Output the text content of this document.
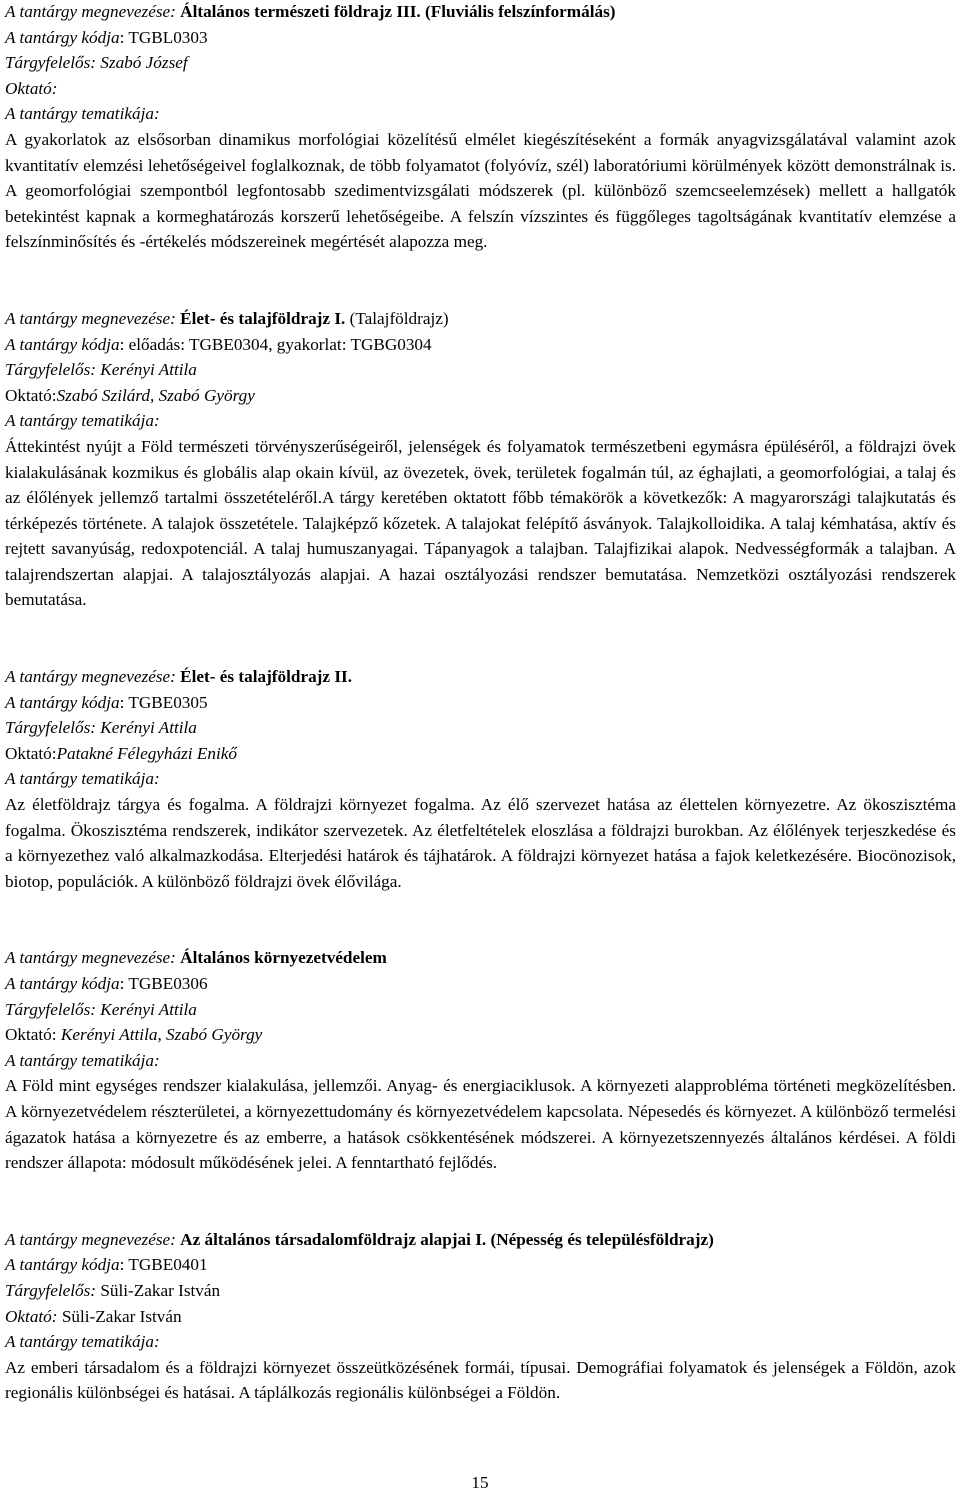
A tantárgy megnevezése: Általános természeti földrajz III. (Fluviális felszínformálás)
A tantárgy kódja: TGBL0303
Tárgyfelelős: Szabó József
Oktató:
A tantárgy tematikája:

A gyakorlatok az elsősorban dinamikus morfológiai közelítésű elmélet kiegészítéseként a formák anyagvizsgálatával valamint azok kvantitatív elemzési lehetőségeivel foglalkoznak, de több folyamatot (folyóvíz, szél) laboratóriumi körülmények között demonstrálnak is. A geomorfológiai szempontból legfontosabb szedimentvizsgálati módszerek (pl. különböző szemcseelemzések) mellett a hallgatók betekintést kapnak a kormeghatározás korszerű lehetőségeibe. A felszín vízszintes és függőleges tagoltságának kvantitatív elemzése a felszínminősítés és -értékelés módszereinek megértését alapozza meg.

A tantárgy megnevezése: Élet- és talajföldrajz I. (Talajföldrajz)
A tantárgy kódja: előadás: TGBE0304, gyakorlat: TGBG0304
Tárgyfelelős: Kerényi Attila
Oktató:Szabó Szilárd, Szabó György
A tantárgy tematikája:

Áttekintést nyújt a Föld természeti törvényszerűségeiről, jelenségek és folyamatok természetbeni egymásra épüléséről, a földrajzi övek kialakulásának kozmikus és globális alap okain kívül, az övezetek, övek, területek fogalmán túl, az éghajlati, a geomorfológiai, a talaj és az élőlények jellemző tartalmi összetételéről.A tárgy keretében oktatott főbb témakörök a következők: A magyarországi talajkutatás és térképezés története. A talajok összetétele. Talajképző kőzetek. A talajokat felépítő ásványok. Talajkolloidika. A talaj kémhatása, aktív és rejtett savanyúság, redoxpotenciál. A talaj humuszanyagai. Tápanyagok a talajban. Talajfizikai alapok. Nedvességformák a talajban. A talajrendszertan alapjai. A talajosztályozás alapjai. A hazai osztályozási rendszer bemutatása. Nemzetközi osztályozási rendszerek bemutatása.

A tantárgy megnevezése: Élet- és talajföldrajz II.
A tantárgy kódja: TGBE0305
Tárgyfelelős: Kerényi Attila
Oktató:Patakné Félegyházi Enikő
A tantárgy tematikája:

Az életföldrajz tárgya és fogalma. A földrajzi környezet fogalma. Az élő szervezet hatása az élettelen környezetre. Az ökoszisztéma fogalma. Ökoszisztéma rendszerek, indikátor szervezetek. Az életfeltételek eloszlása a földrajzi burokban. Az élőlények terjeszkedése és a környezethez való alkalmazkodása. Elterjedési határok és tájhatárok. A földrajzi környezet hatása a fajok keletkezésére. Biocönozisok, biotop, populációk. A különböző földrajzi övek élővilága.

A tantárgy megnevezése: Általános környezetvédelem
A tantárgy kódja: TGBE0306
Tárgyfelelős: Kerényi Attila
Oktató: Kerényi Attila, Szabó György
A tantárgy tematikája:

A Föld mint egységes rendszer kialakulása, jellemzői. Anyag- és energiaciklusok. A környezeti alapprobléma történeti megközelítésben. A környezetvédelem részterületei, a környezettudomány és környezetvédelem kapcsolata. Népesedés és környezet. A különböző termelési ágazatok hatása a környezetre és az emberre, a hatások csökkentésének módszerei. A környezetszennyezés általános kérdései. A földi rendszer állapota: módosult működésének jelei. A fenntartható fejlődés.

A tantárgy megnevezése: Az általános társadalomföldrajz alapjai I. (Népesség és településföldrajz)
A tantárgy kódja: TGBE0401
Tárgyfelelős: Süli-Zakar István
Oktató: Süli-Zakar István
A tantárgy tematikája:

Az emberi társadalom és a földrajzi környezet összeütközésének formái, típusai. Demográfiai folyamatok és jelenségek a Földön, azok regionális különbségei és hatásai. A táplálkozás regionális különbségei a Földön.

15
